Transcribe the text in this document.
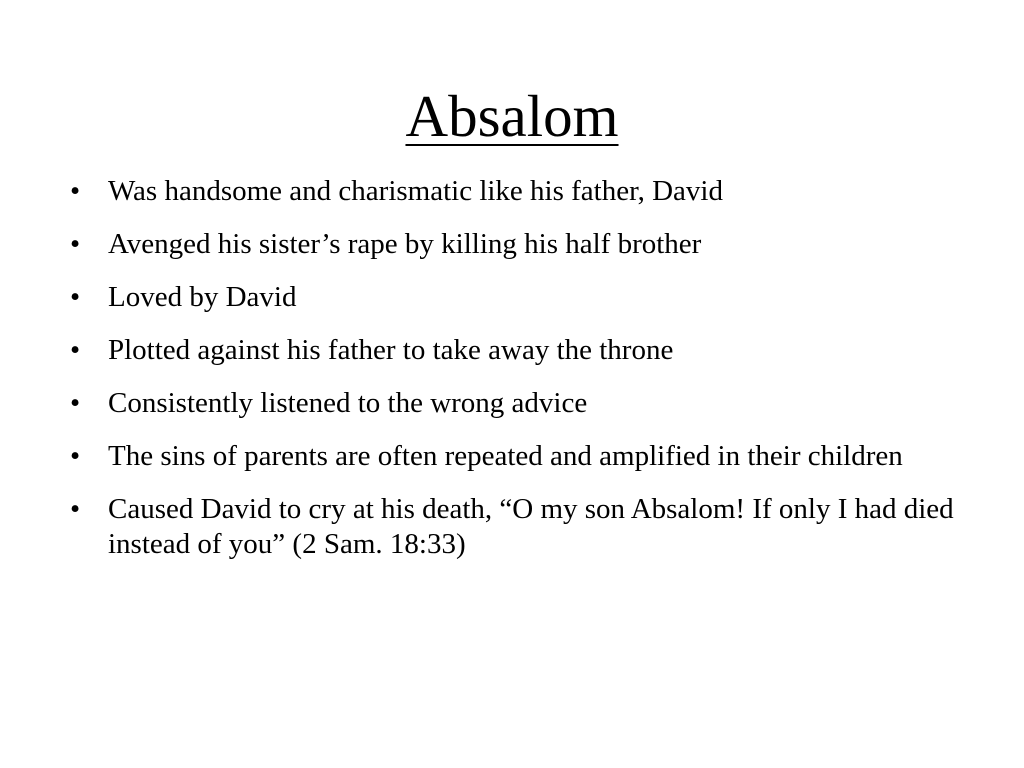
Absalom
• Was handsome and charismatic like his father, David
• Avenged his sister’s rape by killing his half brother
• Loved by David
• Plotted against his father to take away the throne
• Consistently listened to the wrong advice
• The sins of parents are often repeated and amplified in their children
• Caused David to cry at his death, “O my son Absalom! If only I had died instead of you” (2 Sam. 18:33)
